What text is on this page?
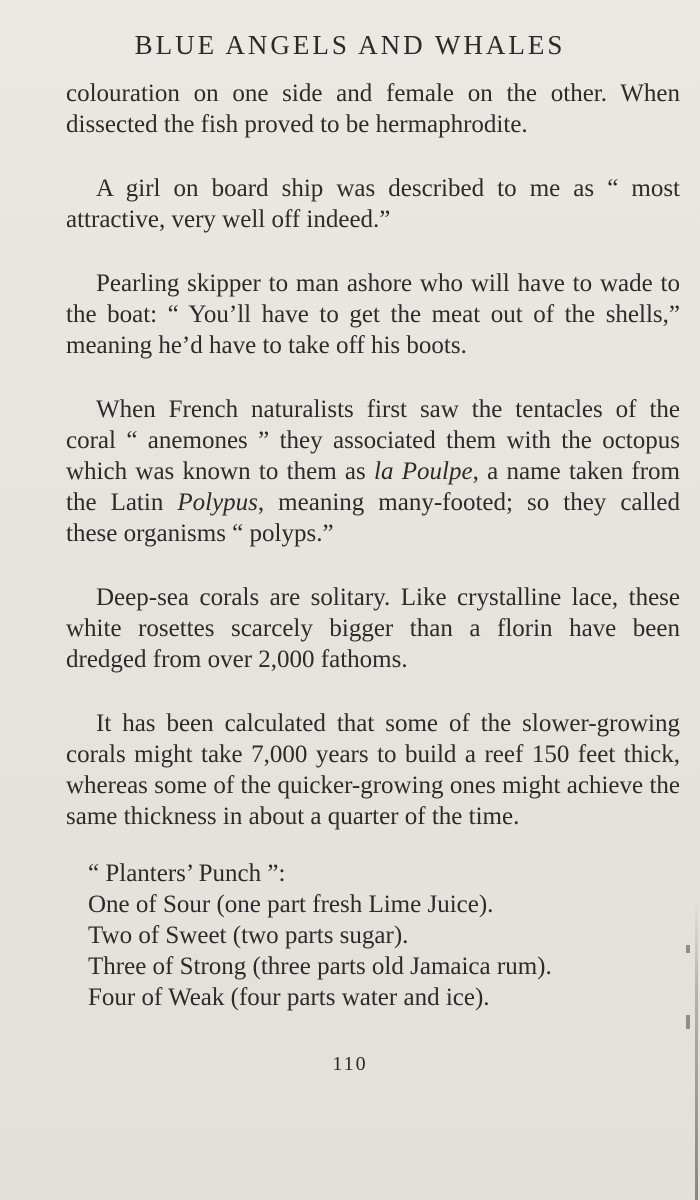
BLUE ANGELS AND WHALES

colouration on one side and female on the other. When dissected the fish proved to be hermaphrodite.

A girl on board ship was described to me as “ most attractive, very well off indeed.”

Pearling skipper to man ashore who will have to wade to the boat: “ You’ll have to get the meat out of the shells,” meaning he’d have to take off his boots.

When French naturalists first saw the tentacles of the coral “ anemones ” they associated them with the octopus which was known to them as la Poulpe, a name taken from the Latin Polypus, meaning many-footed; so they called these organisms “ polyps.”

Deep-sea corals are solitary. Like crystalline lace, these white rosettes scarcely bigger than a florin have been dredged from over 2,000 fathoms.

It has been calculated that some of the slower-growing corals might take 7,000 years to build a reef 150 feet thick, whereas some of the quicker-growing ones might achieve the same thickness in about a quarter of the time.

“ Planters’ Punch ”:
One of Sour (one part fresh Lime Juice).
Two of Sweet (two parts sugar).
Three of Strong (three parts old Jamaica rum).
Four of Weak (four parts water and ice).
110
